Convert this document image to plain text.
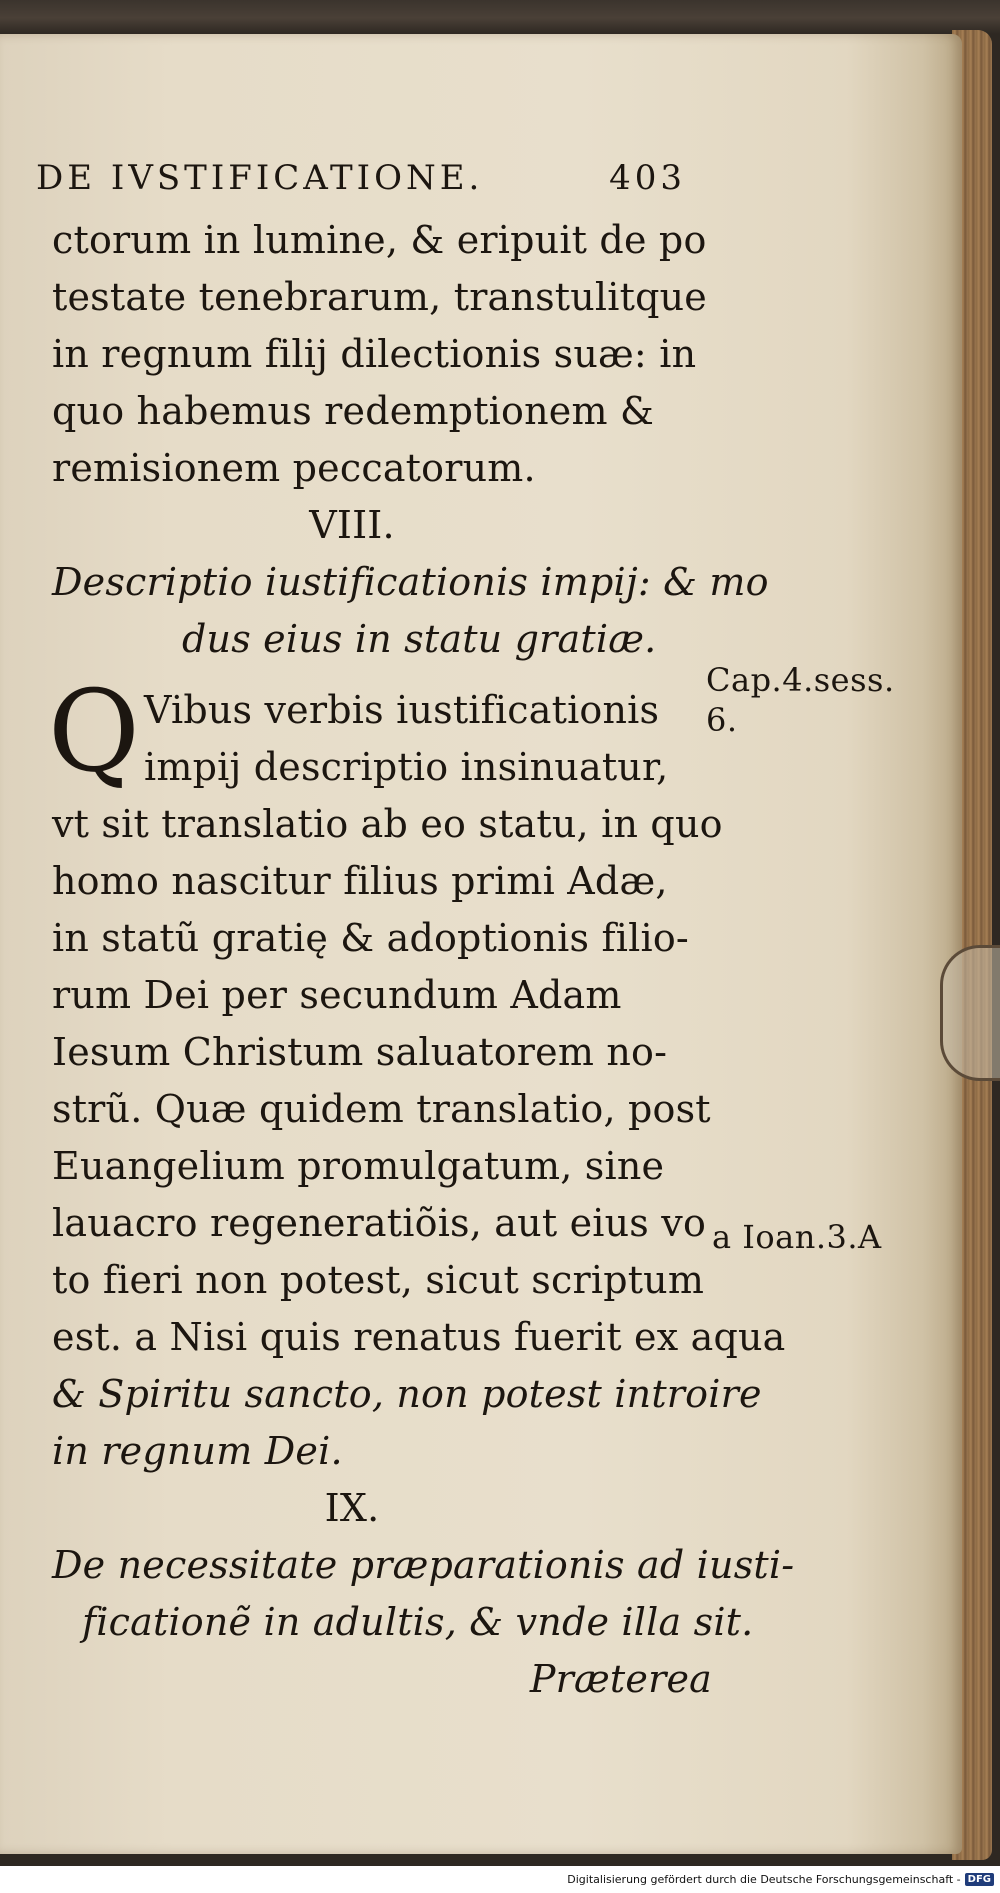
DE IVSTIFICATIONE.	403
ctorum in lumine, & eripuit de po
testate tenebrarum, transtulitque
in regnum filij dilectionis suæ: in
quo habemus redemptionem &
remisionem peccatorum.
VIII.
Descriptio iustificationis impij: & mo
dus eius in statu gratiæ.
Q Vibus verbis iustificationis
impij descriptio insinuatur,
vt sit translatio ab eo statu, in quo
homo nascitur filius primi Adæ,
in statũ gratię & adoptionis filio-
rum Dei per secundum Adam
Iesum Christum saluatorem no-
strũ. Quæ quidem translatio, post
Euangelium promulgatum, sine
lauacro regeneratiõis, aut eius vo
to fieri non potest, sicut scriptum
est. a Nisi quis renatus fuerit ex aqua
& Spiritu sancto, non potest introire
in regnum Dei.
IX.
De necessitate præparationis ad iusti-
ficationẽ in adultis, & vnde illa sit.
Præterea
Cap.4.sess.
6.
a Ioan.3.A
Digitalisierung gefördert durch die Deutsche Forschungsgemeinschaft - DFG
